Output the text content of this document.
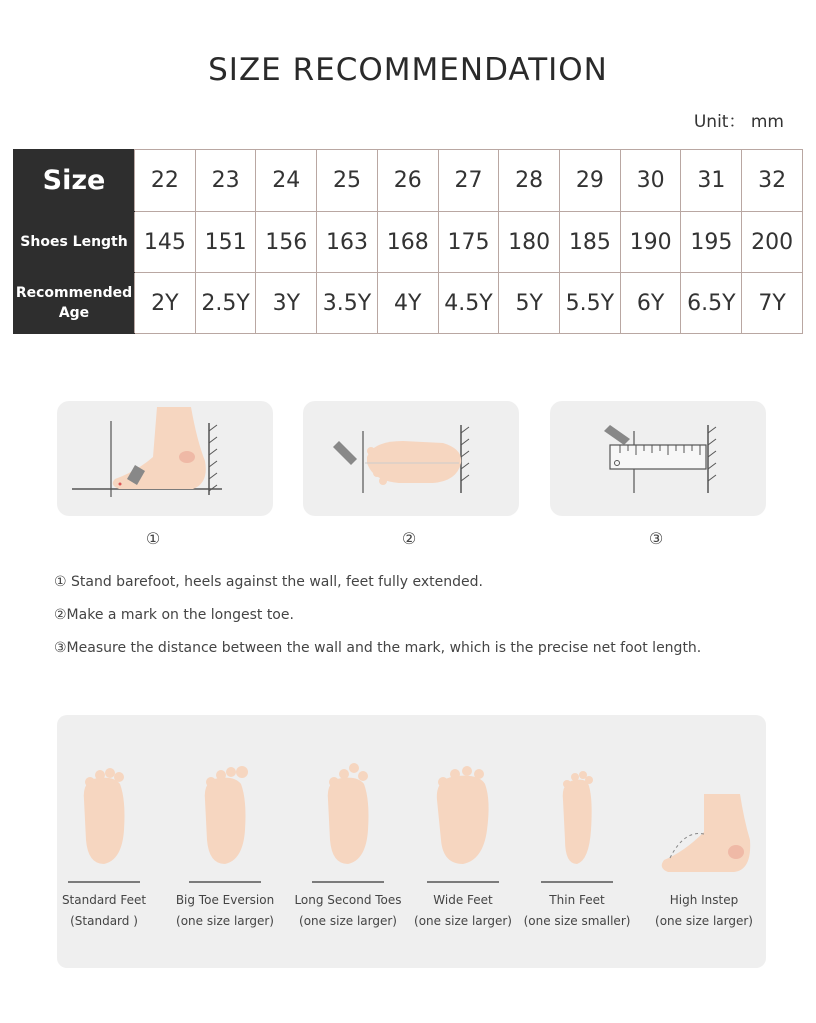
SIZE RECOMMENDATION
Unit： mm
Size	22	23	24	25	26	27	28	29	30	31	32
Shoes Length	145	151	156	163	168	175	180	185	190	195	200
Recommended Age	2Y	2.5Y	3Y	3.5Y	4Y	4.5Y	5Y	5.5Y	6Y	6.5Y	7Y
①	②	③
① Stand barefoot, heels against the wall, feet fully extended.
②Make a mark on the longest toe.
③Measure the distance between the wall and the mark, which is the precise net foot length.
Standard Feet
(Standard )
Big Toe Eversion
(one size larger)
Long Second Toes
(one size larger)
Wide Feet
(one size larger)
Thin Feet
(one size smaller)
High Instep
(one size larger)
